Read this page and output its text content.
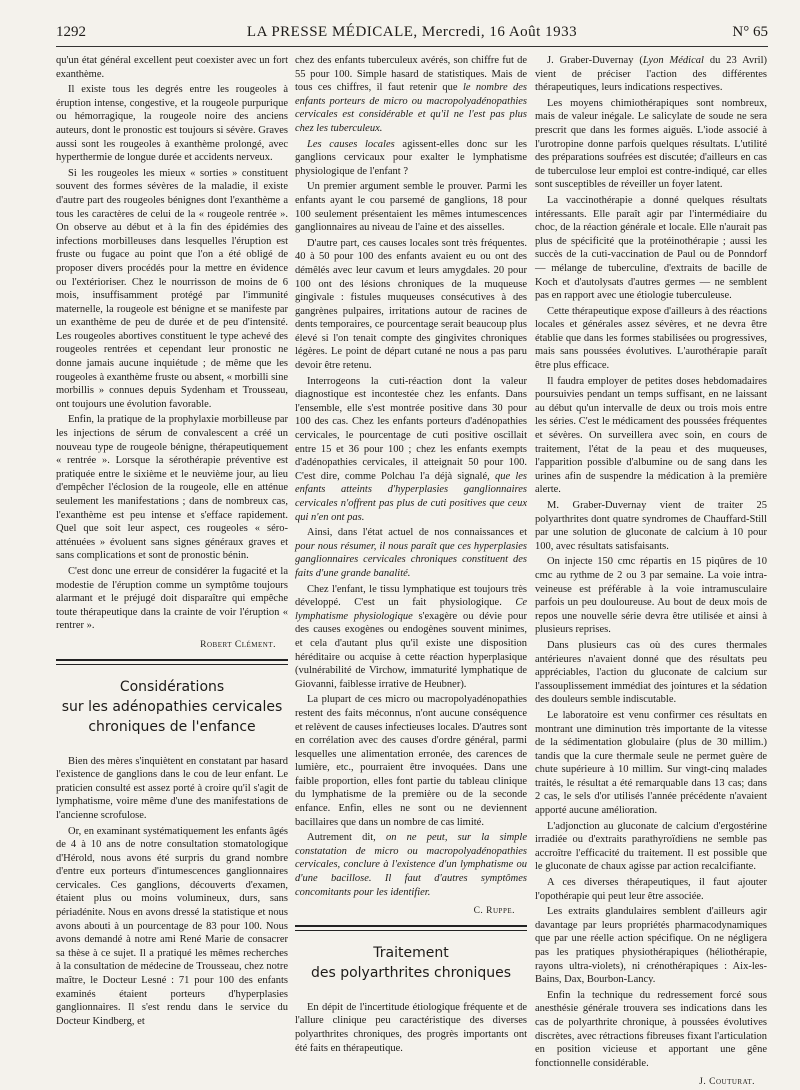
1292	LA PRESSE MÉDICALE, Mercredi, 16 Août 1933	N° 65

qu'un état général excellent peut coexister avec un fort exanthème.

Il existe tous les degrés entre les rougeoles à éruption intense, congestive, et la rougeole purpurique ou hémorragique, la rougeole noire des anciens auteurs, dont le pronostic est toujours si sévère. Graves aussi sont les rougeoles à exanthème prolongé, avec hyperthermie de longue durée et accidents nerveux.

Si les rougeoles les mieux « sorties » constituent souvent des formes sévères de la maladie, il existe d'autre part des rougeoles bénignes dont l'exanthème a tous les caractères de celui de la « rougeole rentrée ». On observe au début et à la fin des épidémies des infections morbilleuses dans lesquelles l'éruption est fruste ou fugace au point que l'on a été obligé de proposer divers procédés pour la mettre en évidence ou l'extérioriser. Chez le nourrisson de moins de 6 mois, insuffisamment protégé par l'immunité maternelle, la rougeole est bénigne et se manifeste par un exanthème de peu de durée et de peu d'intensité. Les rougeoles abortives constituent le type achevé des rougeoles rentrées et cependant leur pronostic ne donne jamais aucune inquiétude ; de même que les rougeoles à exanthème fruste ou absent, « morbilli sine morbillis » connues depuis Sydenham et Trousseau, ont toujours une évolution favorable.

Enfin, la pratique de la prophylaxie morbilleuse par les injections de sérum de convalescent a créé un nouveau type de rougeole bénigne, thérapeutiquement « rentrée ». Lorsque la sérothérapie préventive est pratiquée entre le sixième et le neuvième jour, au lieu d'empêcher l'éclosion de la rougeole, elle en atténue seulement les manifestations ; dans de nombreux cas, l'exanthème est peu intense et s'efface rapidement. Quel que soit leur aspect, ces rougeoles « séro-atténuées » évoluent sans signes généraux graves et sans complications et sont de pronostic bénin.

C'est donc une erreur de considérer la fugacité et la modestie de l'éruption comme un symptôme toujours alarmant et le préjugé doit disparaître qui empêche toute thérapeutique dans la crainte de voir l'éruption « rentrer ».

Robert Clément.
Considérations
sur les adénopathies cervicales
chroniques de l'enfance

Bien des mères s'inquiètent en constatant par hasard l'existence de ganglions dans le cou de leur enfant. Le praticien consulté est assez porté à croire qu'il s'agit de lymphatisme, voire même d'une des manifestations de l'ancienne scrofulose.

Or, en examinant systématiquement les enfants âgés de 4 à 10 ans de notre consultation stomatologique d'Hérold, nous avons été surpris du grand nombre d'entre eux porteurs d'intumescences ganglionnaires cervicales. Ces ganglions, découverts d'examen, étaient plus ou moins volumineux, durs, sans périadénite. Nous en avons dressé la statistique et nous avons abouti à un pourcentage de 83 pour 100. Nous avons demandé à notre ami René Marie de consacrer sa thèse à ce sujet. Il a pratiqué les mêmes recherches à la consultation de médecine de Trousseau, chez notre maître, le Docteur Lesné : 71 pour 100 des enfants examinés étaient porteurs d'hyperplasies ganglionnaires. Il s'est rendu dans le service du Docteur Kindberg, et

chez des enfants tuberculeux avérés, son chiffre fut de 55 pour 100. Simple hasard de statistiques. Mais de tous ces chiffres, il faut retenir que le nombre des enfants porteurs de micro ou macropolyadénopathies cervicales est considérable et qu'il ne l'est pas plus chez les tuberculeux.

Les causes locales agissent-elles donc sur les ganglions cervicaux pour exalter le lymphatisme physiologique de l'enfant ?

Un premier argument semble le prouver. Parmi les enfants ayant le cou parsemé de ganglions, 18 pour 100 seulement présentaient les mêmes intumescences ganglionnaires au niveau de l'aine et des aisselles.

D'autre part, ces causes locales sont très fréquentes. 40 à 50 pour 100 des enfants avaient eu ou ont des démêlés avec leur cavum et leurs amygdales. 20 pour 100 ont des lésions chroniques de la muqueuse gingivale : fistules muqueuses consécutives à des gangrènes pulpaires, irritations autour de racines de dents temporaires, ce pourcentage serait beaucoup plus élevé si l'on tenait compte des gingivites chroniques légères. Le point de départ cutané ne nous a pas paru devoir être retenu.

Interrogeons la cuti-réaction dont la valeur diagnostique est incontestée chez les enfants. Dans l'ensemble, elle s'est montrée positive dans 30 pour 100 des cas. Chez les enfants porteurs d'adénopathies cervicales, le pourcentage de cuti positive oscillait entre 15 et 36 pour 100 ; chez les enfants exempts d'adénopathies cervicales, il atteignait 50 pour 100. C'est dire, comme Polchau l'a déjà signalé, que les enfants atteints d'hyperplasies ganglionnaires cervicales n'offrent pas plus de cuti positives que ceux qui n'en ont pas.

Ainsi, dans l'état actuel de nos connaissances et pour nous résumer, il nous paraît que ces hyperplasies ganglionnaires cervicales chroniques constituent des faits d'une grande banalité.

Chez l'enfant, le tissu lymphatique est toujours très développé. C'est un fait physiologique. Ce lymphatisme physiologique s'exagère ou dévie pour des causes exogènes ou endogènes souvent minimes, et cela d'autant plus qu'il existe une disposition héréditaire ou acquise à cette réaction hyperplasique (vulnérabilité de Virchow, immaturité lymphatique de Giovanni, faiblesse irrative de Heubner).

La plupart de ces micro ou macropolyadénopathies restent des faits méconnus, n'ont aucune conséquence et relèvent de causes infectieuses locales. D'autres sont en corrélation avec des causes d'ordre général, parmi lesquelles une alimentation erronée, des carences de lumière, etc., pourraient être invoquées. Dans une faible proportion, elles font partie du tableau clinique du lymphatisme de la première ou de la seconde enfance. Enfin, elles ne sont ou ne deviennent bacillaires que dans un nombre de cas limité.

Autrement dit, on ne peut, sur la simple constatation de micro ou macropolyadénopathies cervicales, conclure à l'existence d'un lymphatisme ou d'une bacillose. Il faut d'autres symptômes concomitants pour les identifier.

C. Ruppe.
Traitement
des polyarthrites chroniques

En dépit de l'incertitude étiologique fréquente et de l'allure clinique peu caractéristique des diverses polyarthrites chroniques, des progrès importants ont été faits en thérapeutique.

J. Graber-Duvernay (Lyon Médical du 23 Avril) vient de préciser l'action des différentes thérapeutiques, leurs indications respectives.

Les moyens chimiothérapiques sont nombreux, mais de valeur inégale. Le salicylate de soude ne sera prescrit que dans les formes aiguës. L'iode associé à l'urotropine donne parfois quelques résultats. L'utilité des préparations soufrées est discutée; d'ailleurs en cas de tuberculose leur emploi est contre-indiqué, car elles sont susceptibles de réveiller un foyer latent.

La vaccinothérapie a donné quelques résultats intéressants. Elle paraît agir par l'intermédiaire du choc, de la réaction générale et locale. Elle n'aurait pas plus de spécificité que la protéinothérapie ; aussi les succès de la cuti-vaccination de Paul ou de Ponndorf — mélange de tuberculine, d'extraits de bacille de Koch et d'autolysats d'autres germes — ne semblent pas en rapport avec une étiologie tuberculeuse.

Cette thérapeutique expose d'ailleurs à des réactions locales et générales assez sévères, et ne devra être établie que dans les formes stabilisées ou progressives, mais sans poussées évolutives. L'aurothérapie paraît être plus efficace.

Il faudra employer de petites doses hebdomadaires poursuivies pendant un temps suffisant, en ne laissant au début qu'un intervalle de deux ou trois mois entre les séries. C'est le médicament des poussées fréquentes et sévères. On surveillera avec soin, en cours de traitement, l'état de la peau et des muqueuses, l'apparition possible d'albumine ou de sang dans les urines afin de suspendre la médication à la première alerte.

M. Graber-Duvernay vient de traiter 25 polyarthrites dont quatre syndromes de Chauffard-Still par une solution de gluconate de calcium à 10 pour 100, avec résultats satisfaisants.

On injecte 150 cmc répartis en 15 piqûres de 10 cmc au rythme de 2 ou 3 par semaine. La voie intra-veineuse est préférable à la voie intramusculaire parfois un peu douloureuse. Au bout de deux mois de repos une nouvelle série devra être utilisée et ainsi à plusieurs reprises.

Dans plusieurs cas où des cures thermales antérieures n'avaient donné que des résultats peu appréciables, l'action du gluconate de calcium sur l'assouplissement immédiat des jointures et la sédation des douleurs semble indiscutable.

Le laboratoire est venu confirmer ces résultats en montrant une diminution très importante de la vitesse de la sédimentation globulaire (plus de 30 millim.) tandis que la cure thermale seule ne permet guère de chute supérieure à 10 millim. Sur vingt-cinq malades traités, le résultat a été remarquable dans 13 cas; dans 2 cas, le sels d'or utilisés l'année précédente n'avaient apporté aucune amélioration.

L'adjonction au gluconate de calcium d'ergostérine irradiée ou d'extraits parathyroïdiens ne semble pas accroître l'efficacité du traitement. Il est possible que le gluconate de chaux agisse par action recalcifiante.

A ces diverses thérapeutiques, il faut ajouter l'opothérapie qui peut leur être associée.

Les extraits glandulaires semblent d'ailleurs agir davantage par leurs propriétés pharmacodynamiques que par une réelle action spécifique. On ne négligera pas les pratiques physiothérapiques (héliothérapie, rayons ultra-violets), ni crénothérapiques : Aix-les-Bains, Dax, Bourbon-Lancy.

Enfin la technique du redressement forcé sous anesthésie générale trouvera ses indications dans les cas de polyarthrite chronique, à poussées évolutives discrètes, avec rétractions fibreuses fixant l'articulation en position vicieuse et apportant une gêne fonctionnelle considérable.

J. Couturat.
